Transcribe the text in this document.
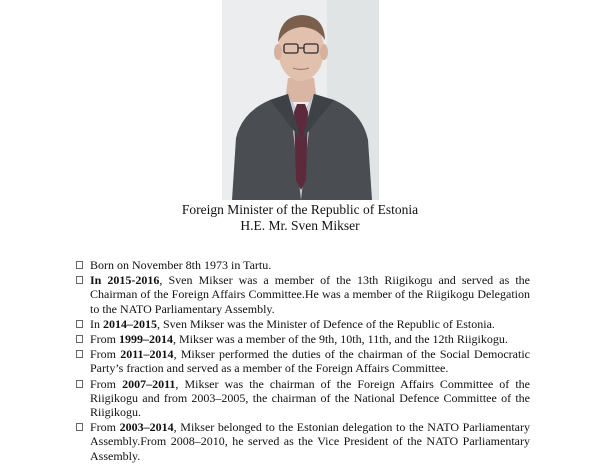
Foreign Minister of the Republic of Estonia
H.E. Mr. Sven Mikser
Born on November 8th 1973 in Tartu.
In 2015-2016, Sven Mikser was a member of the 13th Riigikogu and served as the Chairman of the Foreign Affairs Committee.He was a member of the Riigikogu Delegation to the NATO Parliamentary Assembly.
In 2014–2015, Sven Mikser was the Minister of Defence of the Republic of Estonia.
From 1999–2014, Mikser was a member of the 9th, 10th, 11th, and the 12th Riigikogu.
From 2011–2014, Mikser performed the duties of the chairman of the Social Democratic Party’s fraction and served as a member of the Foreign Affairs Committee.
From 2007–2011, Mikser was the chairman of the Foreign Affairs Committee of the Riigikogu and from 2003–2005, the chairman of the National Defence Committee of the Riigikogu.
From 2003–2014, Mikser belonged to the Estonian delegation to the NATO Parliamentary Assembly.From 2008–2010, he served as the Vice President of the NATO Parliamentary Assembly.
